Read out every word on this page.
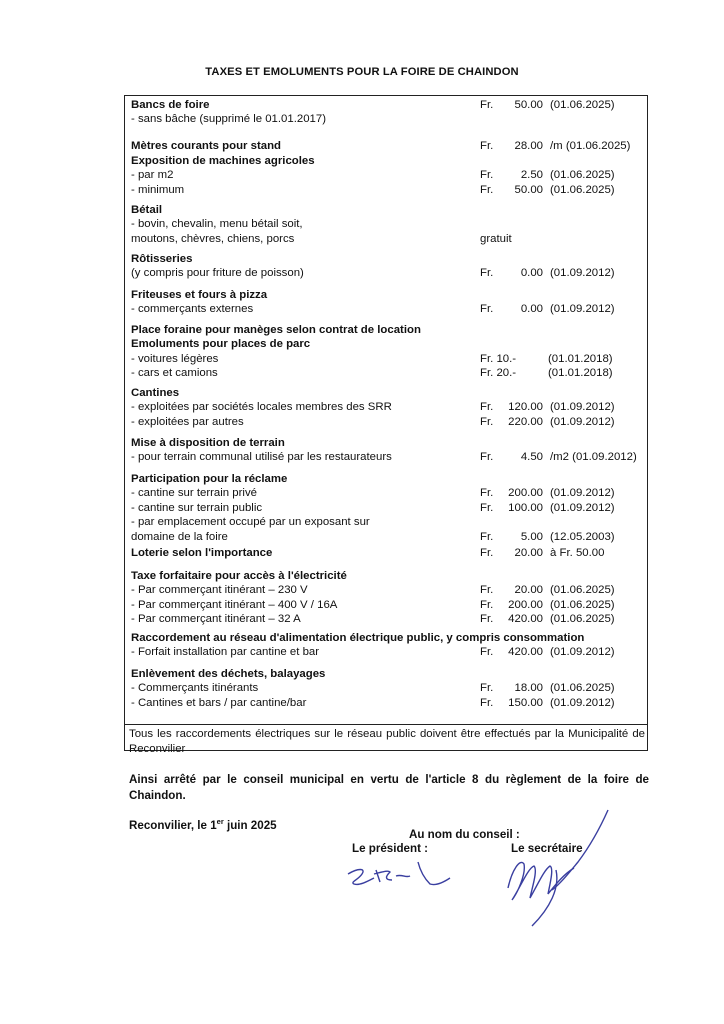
TAXES ET EMOLUMENTS POUR LA FOIRE DE CHAINDON
Bancs de foire	Fr. 50.00 (01.06.2025)
- sans bâche (supprimé le 01.01.2017)
Mètres courants pour stand	Fr. 28.00 /m (01.06.2025)
Exposition de machines agricoles
- par m2	Fr. 2.50 (01.06.2025)
- minimum	Fr. 50.00 (01.06.2025)
Bétail
- bovin, chevalin, menu bétail soit,
moutons, chèvres, chiens, porcs	gratuit
Rôtisseries
(y compris pour friture de poisson)	Fr. 0.00 (01.09.2012)
Friteuses et fours à pizza
- commerçants externes	Fr. 0.00 (01.09.2012)
Place foraine pour manèges selon contrat de location
Emoluments pour places de parc
- voitures légères	Fr. 10.-	(01.01.2018)
- cars et camions	Fr. 20.-	(01.01.2018)
Cantines
- exploitées par sociétés locales membres des SRR	Fr. 120.00 (01.09.2012)
- exploitées par autres	Fr. 220.00 (01.09.2012)
Mise à disposition de terrain
- pour terrain communal utilisé par les restaurateurs	Fr. 4.50 /m2 (01.09.2012)
Participation pour la réclame
- cantine sur terrain privé	Fr. 200.00 (01.09.2012)
- cantine sur terrain public	Fr. 100.00 (01.09.2012)
- par emplacement occupé par un exposant sur
domaine de la foire	Fr. 5.00 (12.05.2003)
Loterie selon l'importance	Fr. 20.00 à Fr. 50.00
Taxe forfaitaire pour accès à l'électricité
- Par commerçant itinérant – 230 V	Fr. 20.00 (01.06.2025)
- Par commerçant itinérant – 400 V / 16A	Fr. 200.00 (01.06.2025)
- Par commerçant itinérant – 32 A	Fr. 420.00 (01.06.2025)
Raccordement au réseau d'alimentation électrique public, y compris consommation
- Forfait installation par cantine et bar	Fr. 420.00 (01.09.2012)
Enlèvement des déchets, balayages
- Commerçants itinérants	Fr. 18.00 (01.06.2025)
- Cantines et bars / par cantine/bar	Fr. 150.00 (01.09.2012)
Tous les raccordements électriques sur le réseau public doivent être effectués par la Municipalité de Reconvilier
Ainsi arrêté par le conseil municipal en vertu de l'article 8 du règlement de la foire de Chaindon.
Reconvilier, le 1er juin 2025
Au nom du conseil :
Le président :	Le secrétaire
